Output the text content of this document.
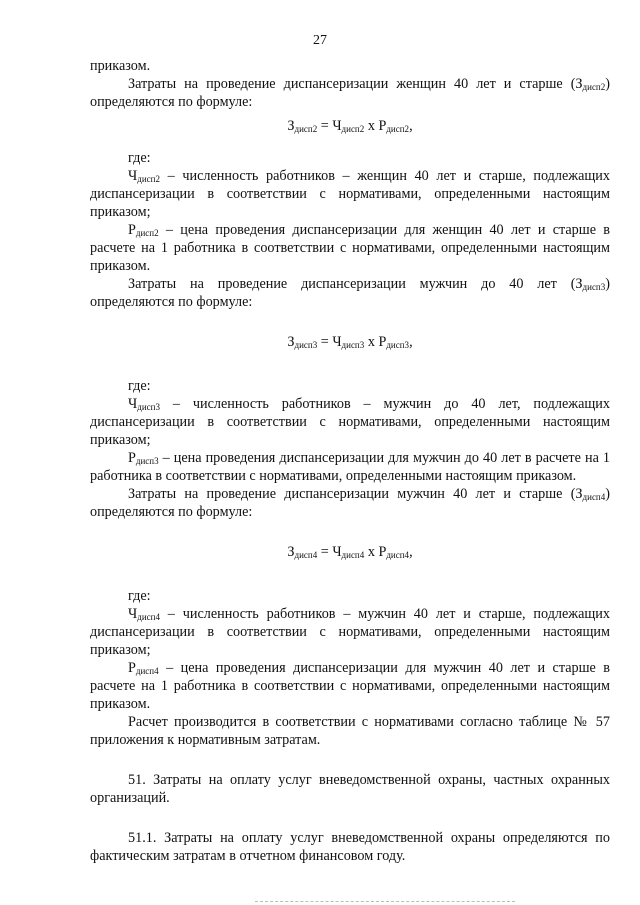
27

приказом.

Затраты на проведение диспансеризации женщин 40 лет и старше $(З_{дисп2})$ определяются по формуле:

$З_{дисп2} = Ч_{дисп2}$ х $Р_{дисп2}$,

где:

$Ч_{дисп2}$ – численность работников – женщин 40 лет и старше, подлежащих диспансеризации в соответствии с нормативами, определенными настоящим приказом;

$Р_{дисп2}$ – цена проведения диспансеризации для женщин 40 лет и старше в расчете на 1 работника в соответствии с нормативами, определенными настоящим приказом.

Затраты на проведение диспансеризации мужчин до 40 лет $(З_{дисп3})$ определяются по формуле:

$З_{дисп3} = Ч_{дисп3}$ х $Р_{дисп3}$,

где:

$Ч_{дисп3}$ – численность работников – мужчин до 40 лет, подлежащих диспансеризации в соответствии с нормативами, определенными настоящим приказом;

$Р_{дисп3}$ – цена проведения диспансеризации для мужчин до 40 лет в расчете на 1 работника в соответствии с нормативами, определенными настоящим приказом.

Затраты на проведение диспансеризации мужчин 40 лет и старше $(З_{дисп4})$ определяются по формуле:

$З_{дисп4} = Ч_{дисп4}$ х $Р_{дисп4}$,

где:

$Ч_{дисп4}$ – численность работников – мужчин 40 лет и старше, подлежащих диспансеризации в соответствии с нормативами, определенными настоящим приказом;

$Р_{дисп4}$ – цена проведения диспансеризации для мужчин 40 лет и старше в расчете на 1 работника в соответствии с нормативами, определенными настоящим приказом.

Расчет производится в соответствии с нормативами согласно таблице № 57 приложения к нормативным затратам.

51. Затраты на оплату услуг вневедомственной охраны, частных охранных организаций.

51.1. Затраты на оплату услуг вневедомственной охраны определяются по фактическим затратам в отчетном финансовом году.
